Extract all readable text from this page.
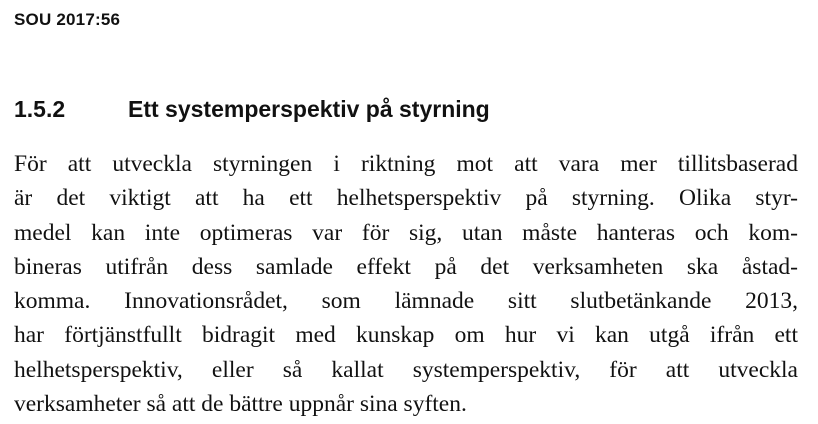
SOU 2017:56
1.5.2	Ett systemperspektiv på styrning
För att utveckla styrningen i riktning mot att vara mer tillitsbaserad
är det viktigt att ha ett helhetsperspektiv på styrning. Olika styr-
medel kan inte optimeras var för sig, utan måste hanteras och kom-
bineras utifrån dess samlade effekt på det verksamheten ska åstad-
komma. Innovationsrådet, som lämnade sitt slutbetänkande 2013,
har förtjänstfullt bidragit med kunskap om hur vi kan utgå ifrån ett
helhetsperspektiv, eller så kallat systemperspektiv, för att utveckla
verksamheter så att de bättre uppnår sina syften.
